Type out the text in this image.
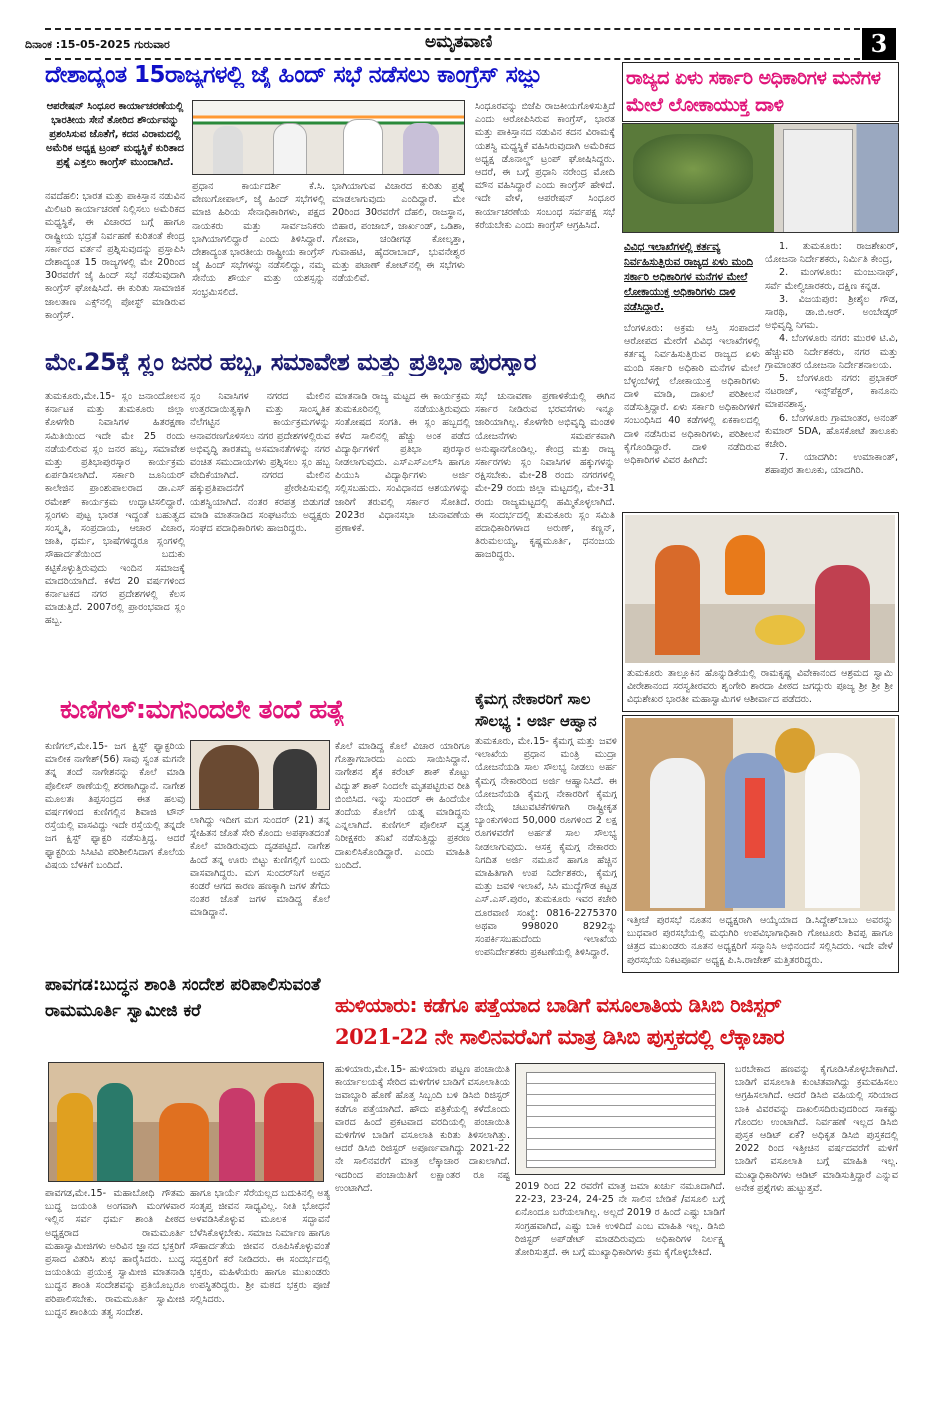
ದಿನಾಂಕ :15-05-2025 ಗುರುವಾರ	ಅಮೃತವಾಣಿ	3
ದೇಶಾದ್ಯಂತ 15ರಾಜ್ಯಗಳಲ್ಲಿ ಜೈ ಹಿಂದ್ ಸಭೆ ನಡೆಸಲು ಕಾಂಗ್ರೆಸ್ ಸಜ್ಜು
ಆಪರೇಷನ್ ಸಿಂಧೂರ ಕಾರ್ಯಾಚರಣೆಯಲ್ಲಿ ಭಾರತೀಯ ಸೇನೆ ತೋರಿದ ಶೌರ್ಯವನ್ನು ಪ್ರಶಂಸಿಸುವ ಜೊತೆಗೆ, ಕದನ ವಿರಾಮದಲ್ಲಿ ಅಮೆರಿಕ ಅಧ್ಯಕ್ಷ ಟ್ರಂಪ್ ಮಧ್ಯಸ್ಥಿಕೆ ಕುರಿತಾದ ಪ್ರಶ್ನೆ ಎತ್ತಲು ಕಾಂಗ್ರೆಸ್ ಮುಂದಾಗಿದೆ.
ನವದೆಹಲಿ: ಭಾರತ ಮತ್ತು ಪಾಕಿಸ್ತಾನ ನಡುವಿನ ಮಿಲಿಟರಿ ಕಾರ್ಯಾಚರಣೆ ನಿಲ್ಲಿಸಲು ಅಮೆರಿಕದ ಮಧ್ಯಸ್ಥಿಕೆ, ಈ ವಿಚಾರದ ಬಗ್ಗೆ ಹಾಗೂ ರಾಷ್ಟ್ರೀಯ ಭದ್ರತೆ ನಿರ್ವಹಣೆ ಕುರಿತಂತೆ ಕೇಂದ್ರ ಸರ್ಕಾರದ ವರ್ತನೆ ಪ್ರಶ್ನಿಸುವುದನ್ನು ಪ್ರಸ್ತಾಪಿಸಿ ದೇಶಾದ್ಯಂತ 15 ರಾಜ್ಯಗಳಲ್ಲಿ ಮೇ 20ರಿಂದ 30ರವರೆಗೆ ಜೈ ಹಿಂದ್ ಸಭೆ ನಡೆಸುವುದಾಗಿ ಕಾಂಗ್ರೆಸ್ ಘೋಷಿಸಿದೆ. ಈ ಕುರಿತು ಸಾಮಾಜಿಕ ಜಾಲತಾಣ ಎಕ್ಸ್‌ನಲ್ಲಿ ಪೋಸ್ಟ್ ಮಾಡಿರುವ ಕಾಂಗ್ರೆಸ್.
ಪ್ರಧಾನ ಕಾರ್ಯದರ್ಶಿ ಕೆ.ಸಿ. ವೇಣುಗೋಪಾಲ್, ಜೈ ಹಿಂದ್ ಸಭೆಗಳಲ್ಲಿ ಮಾಜಿ ಹಿರಿಯ ಸೇನಾಧಿಕಾರಿಗಳು, ಪಕ್ಷದ ನಾಯಕರು ಮತ್ತು ಸಾರ್ವಜನಿಕರು ಭಾಗಿಯಾಗಲಿದ್ದಾರೆ ಎಂದು ತಿಳಿಸಿದ್ದಾರೆ. ದೇಶಾದ್ಯಂತ ಭಾರತೀಯ ರಾಷ್ಟ್ರೀಯ ಕಾಂಗ್ರೆಸ್ ಜೈ ಹಿಂದ್ ಸಭೆಗಳನ್ನು ನಡೆಸಲಿದ್ದು, ನಮ್ಮ ಸೇನೆಯ ಶೌರ್ಯ ಮತ್ತು ಯಶಸ್ಸನ್ನು ಸಂಭ್ರಮಿಸಲಿದೆ.
ಭಾಗಿಯಾಗುವ ವಿಚಾರದ ಕುರಿತು ಪ್ರಶ್ನೆ ಮಾಡಲಾಗುವುದು ಎಂದಿದ್ದಾರೆ. ಮೇ 20ರಿಂದ 30ರವರೆಗೆ ದೆಹಲಿ, ರಾಜಸ್ಥಾನ, ಬಿಹಾರ, ಪಂಜಾಬ್, ಜಾರ್ಖಂಡ್, ಒಡಿಶಾ, ಗೋವಾ, ಚಂಡೀಗಢ ಕೋಲ್ಕತ್ತಾ, ಗುವಾಹಟಿ, ಹೈದರಾಬಾದ್, ಭುವನೇಶ್ವರ ಮತ್ತು ಪಟಾಣ್ ಕೋಟ್‌ನಲ್ಲಿ ಈ ಸಭೆಗಳು ನಡೆಯಲಿವೆ.
ಸಿಂಧೂರವನ್ನು ಬಿಜೆಪಿ ರಾಜಕೀಯಗೊಳಿಸುತ್ತಿದೆ ಎಂದು ಆರೋಪಿಸಿರುವ ಕಾಂಗ್ರೆಸ್, ಭಾರತ ಮತ್ತು ಪಾಕಿಸ್ತಾನದ ನಡುವಿನ ಕದನ ವಿರಾಮಕ್ಕೆ ಯಶಸ್ವಿ ಮಧ್ಯಸ್ಥಿಕೆ ವಹಿಸಿರುವುದಾಗಿ ಅಮೆರಿಕದ ಅಧ್ಯಕ್ಷ ಡೊನಾಲ್ಡ್ ಟ್ರಂಪ್ ಘೋಷಿಸಿದ್ದರು. ಆದರೆ, ಈ ಬಗ್ಗೆ ಪ್ರಧಾನಿ ನರೇಂದ್ರ ಮೋದಿ ಮೌನ ವಹಿಸಿದ್ದಾರೆ ಎಂದು ಕಾಂಗ್ರೆಸ್ ಹೇಳಿದೆ. ಇದೇ ವೇಳೆ, ಆಪರೇಷನ್ ಸಿಂಧೂರ ಕಾರ್ಯಾಚರಣೆಯ ಸಂಬಂಧ ಸರ್ವಪಕ್ಷ ಸಭೆ ಕರೆಯಬೇಕು ಎಂದು ಕಾಂಗ್ರೆಸ್ ಆಗ್ರಹಿಸಿದೆ.
ರಾಜ್ಯದ ಏಳು ಸರ್ಕಾರಿ ಅಧಿಕಾರಿಗಳ ಮನೆಗಳ ಮೇಲೆ ಲೋಕಾಯುಕ್ತ ದಾಳಿ
ವಿವಿಧ ಇಲಾಖೆಗಳಲ್ಲಿ ಕರ್ತವ್ಯ ನಿರ್ವಹಿಸುತ್ತಿರುವ ರಾಜ್ಯದ ಏಳು ಮಂದಿ ಸರ್ಕಾರಿ ಅಧಿಕಾರಿಗಳ ಮನೆಗಳ ಮೇಲೆ ಲೋಕಾಯುಕ್ತ ಅಧಿಕಾರಿಗಳು ದಾಳಿ ನಡೆಸಿದ್ದಾರೆ.
ಬೆಂಗಳೂರು: ಅಕ್ರಮ ಆಸ್ತಿ ಸಂಪಾದನೆ ಆರೋಪದ ಮೇರೆಗೆ ವಿವಿಧ ಇಲಾಖೆಗಳಲ್ಲಿ ಕರ್ತವ್ಯ ನಿರ್ವಹಿಸುತ್ತಿರುವ ರಾಜ್ಯದ ಏಳು ಮಂದಿ ಸರ್ಕಾರಿ ಅಧಿಕಾರಿ ಮನೆಗಳ ಮೇಲೆ ಬೆಳ್ಳಂಬೆಳಗ್ಗೆ ಲೋಕಾಯುಕ್ತ ಅಧಿಕಾರಿಗಳು ದಾಳಿ ಮಾಡಿ, ದಾಖಲೆ ಪರಿಶೀಲನೆ ನಡೆಸುತ್ತಿದ್ದಾರೆ. ಏಳು ಸರ್ಕಾರಿ ಅಧಿಕಾರಿಗಳಿಗೆ ಸಂಬಂಧಿಸಿದ 40 ಕಡೆಗಳಲ್ಲಿ ಏಕಕಾಲದಲ್ಲಿ ದಾಳಿ ನಡೆಸಿರುವ ಅಧಿಕಾರಿಗಳು, ಪರಿಶೀಲನೆ ಕೈಗೊಂಡಿದ್ದಾರೆ. ದಾಳಿ ನಡೆದಿರುವ ಅಧಿಕಾರಿಗಳ ವಿವರ ಹೀಗಿದೆ:

1. ತುಮಕೂರು: ರಾಜಶೇಖರ್, ಯೋಜನಾ ನಿರ್ದೇಶಕರು, ನಿರ್ಮಿತಿ ಕೇಂದ್ರ,

2. ಮಂಗಳೂರು: ಮಂಜುನಾಥ್, ಸರ್ವೆ ಮೇಲ್ವಿಚಾರಕರು, ದಕ್ಷಿಣ ಕನ್ನಡ.

3. ವಿಜಯಪುರ: ಶ್ರೀಶೈಲ ಗೌಡ, ಸಾರಥಿ, ಡಾ.ಬಿ.ಆರ್. ಅಂಬೇಡ್ಕರ್ ಅಭಿವೃದ್ಧಿ ನಿಗಮ.

4. ಬೆಂಗಳೂರು ನಗರ: ಮುರಳಿ ಟಿ.ವಿ, ಹೆಚ್ಚುವರಿ ನಿರ್ದೇಶಕರು, ನಗರ ಮತ್ತು ಗ್ರಾಮಾಂತರ ಯೋಜನಾ ನಿರ್ದೇಶನಾಲಯ.

5. ಬೆಂಗಳೂರು ನಗರ: ಪ್ರಭಾಕರ್ ನಟರಾಜ್, ಇನ್ಸ್‌ಪೆಕ್ಟರ್, ಕಾನೂನು ಮಾಪನಶಾಸ್ತ್ರ.

6. ಬೆಂಗಳೂರು ಗ್ರಾಮಾಂತರ, ಅನಂತ್ ಕುಮಾರ್ SDA, ಹೊಸಕೋಟೆ ತಾಲೂಕು ಕಚೇರಿ.

7. ಯಾದಗಿರಿ: ಉಮಾಕಾಂತ್, ಶಹಾಪುರ ತಾಲೂಕು, ಯಾದಗಿರಿ.

ಮೇ.25ಕ್ಕೆ ಸ್ಲಂ ಜನರ ಹಬ್ಬ, ಸಮಾವೇಶ ಮತ್ತು ಪ್ರತಿಭಾ ಪುರಸ್ಕಾರ
ತುಮಕೂರು,ಮೇ.15- ಸ್ಲಂ ಜನಾಂದೋಲನ ಕರ್ನಾಟಕ ಮತ್ತು ತುಮಕೂರು ಜಿಲ್ಲಾ ಕೊಳಗೇರಿ ನಿವಾಸಿಗಳ ಹಿತರಕ್ಷಣಾ ಸಮಿತಿಯಿಂದ ಇದೇ ಮೇ 25 ರಂದು ನಡೆಯಲಿರುವ ಸ್ಲಂ ಜನರ ಹಬ್ಬ, ಸಮಾವೇಶ ಮತ್ತು ಪ್ರತಿಭಾಪುರಸ್ಕಾರ ಕಾರ್ಯಕ್ರಮ ಏರ್ಪಡಿಸಲಾಗಿದೆ. ಸರ್ಕಾರಿ ಜೂನಿಯರ್ ಕಾಲೇಜಿನ ಪ್ರಾಂಶುಪಾಲರಾದ ಡಾ.ಎಸ್ ರಮೇಶ್ ಕಾರ್ಯಕ್ರಮ ಉದ್ಘಾಟಿಸಲಿದ್ದಾರೆ. ಸ್ಲಂಗಳು ಪುಟ್ಟ ಭಾರತ ಇದ್ದಂತೆ ಬಹುತ್ವದ ಸಂಸ್ಕೃತಿ, ಸಂಪ್ರದಾಯ, ಆಚಾರ ವಿಚಾರ, ಜಾತಿ, ಧರ್ಮ, ಭಾಷೆಗಳಿದ್ದರೂ ಸ್ಲಂಗಳಲ್ಲಿ ಸೌಹಾರ್ದತೆಯಿಂದ ಬದುಕು ಕಟ್ಟಿಕೊಳ್ಳುತ್ತಿರುವುದು ಇಂದಿನ ಸಮಾಜಕ್ಕೆ ಮಾದರಿಯಾಗಿದೆ. ಕಳೆದ 20 ವರ್ಷಗಳಿಂದ ಕರ್ನಾಟಕದ ನಗರ ಪ್ರದೇಶಗಳಲ್ಲಿ ಕೆಲಸ ಮಾಡುತ್ತಿದೆ. 2007ರಲ್ಲಿ ಪ್ರಾರಂಭವಾದ ಸ್ಲಂ ಹಬ್ಬ.
ಸ್ಲಂ ನಿವಾಸಿಗಳ ನಗರದ ಮೇಲಿನ ಉತ್ತರದಾಯಿತ್ವಕ್ಕಾಗಿ ಮತ್ತು ಸಾಂಸ್ಕೃತಿಕ ನೆಲೆಗಟ್ಟಿನ ಕಾರ್ಯಕ್ರಮಗಳನ್ನು ಆನಾವರಣಗೊಳಿಸಲು ನಗರ ಪ್ರದೇಶಗಳಲ್ಲಿರುವ ಅಭಿವೃದ್ಧಿ ತಾರತಮ್ಯ ಅಸಮಾನತೆಗಳನ್ನು ನಗರ ವಂಚಿತ ಸಮುದಾಯಗಳು ಪ್ರಶ್ನಿಸಲು ಸ್ಲಂ ಹಬ್ಬ ವೇದಿಕೆಯಾಗಿದೆ. ನಗರದ ಮೇಲಿನ ಹಕ್ಕುಪ್ರತಿಪಾದನೆಗೆ ಪ್ರೇರೇಪಿಸುವಲ್ಲಿ ಯಶಸ್ವಿಯಾಗಿದೆ. ನಂತರ ಕರಪತ್ರ ಬಿಡುಗಡೆ ಮಾಡಿ ಮಾತನಾಡಿದ ಸಂಘಟನೆಯ ಅಧ್ಯಕ್ಷರು ಸಂಘದ ಪದಾಧಿಕಾರಿಗಳು ಹಾಜರಿದ್ದರು.
ಮಾತನಾಡಿ ರಾಜ್ಯ ಮಟ್ಟದ ಈ ಕಾರ್ಯಕ್ರಮ ತುಮಕೂರಿನಲ್ಲಿ ನಡೆಯುತ್ತಿರುವುದು ಸಂತೋಷದ ಸಂಗತಿ. ಈ ಸ್ಲಂ ಹಬ್ಬದಲ್ಲಿ ಕಳೆದ ಸಾಲಿನಲ್ಲಿ ಹೆಚ್ಚು ಅಂಕ ಪಡೆದ ವಿದ್ಯಾರ್ಥಿಗಳಿಗೆ ಪ್ರತಿಭಾ ಪುರಸ್ಕಾರ ನೀಡಲಾಗುವುದು. ಎಸ್‌ಎಸ್‌ಎಲ್‌ಸಿ ಹಾಗೂ ಪಿಯುಸಿ ವಿದ್ಯಾರ್ಥಿಗಳು ಅರ್ಜಿ ಸಲ್ಲಿಸಬಹುದು. ಸಂವಿಧಾನದ ಆಶಯಗಳನ್ನು ಜಾರಿಗೆ ತರುವಲ್ಲಿ ಸರ್ಕಾರ ಸೋತಿದೆ. 2023ರ ವಿಧಾನಸಭಾ ಚುನಾವಣೆಯ ಪ್ರಣಾಳಿಕೆ.
ಸಭೆ ಚುನಾವಣಾ ಪ್ರಣಾಳಿಕೆಯಲ್ಲಿ ಈಗಿನ ಸರ್ಕಾರ ನೀಡಿರುವ ಭರವಸೆಗಳು ಇನ್ನೂ ಜಾರಿಯಾಗಿಲ್ಲ. ಕೊಳಗೇರಿ ಅಭಿವೃದ್ಧಿ ಮಂಡಳಿ ಯೋಜನೆಗಳು ಸಮರ್ಪಕವಾಗಿ ಅನುಷ್ಠಾನಗೊಂಡಿಲ್ಲ. ಕೇಂದ್ರ ಮತ್ತು ರಾಜ್ಯ ಸರ್ಕಾರಗಳು ಸ್ಲಂ ನಿವಾಸಿಗಳ ಹಕ್ಕುಗಳನ್ನು ರಕ್ಷಿಸಬೇಕು. ಮೇ-28 ರಂದು ನಗರಗಳಲ್ಲಿ ಮೇ-29 ರಂದು ಜಿಲ್ಲಾ ಮಟ್ಟದಲ್ಲಿ, ಮೇ-31 ರಂದು ರಾಜ್ಯಮಟ್ಟದಲ್ಲಿ ಹಮ್ಮಿಕೊಳ್ಳಲಾಗಿದೆ. ಈ ಸಂದರ್ಭದಲ್ಲಿ ತುಮಕೂರು ಸ್ಲಂ ಸಮಿತಿ ಪದಾಧಿಕಾರಿಗಳಾದ ಅರುಣ್, ಕಣ್ಣನ್, ತಿರುಮಲಯ್ಯ, ಕೃಷ್ಣಮೂರ್ತಿ, ಧನಂಜಯ ಹಾಜರಿದ್ದರು.
ತುಮಕೂರು ತಾಲ್ಲೂಕಿನ ಹೊನ್ನುಡಿಕೆಯಲ್ಲಿ ರಾಮಕೃಷ್ಣ ವಿವೇಕಾನಂದ ಆಶ್ರಮದ ಸ್ವಾಮಿ ವೀರೇಶಾನಂದ ಸರಸ್ವತೀರವರು ಶೃಂಗೇರಿ ಶಾರದಾ ಪೀಠದ ಜಗದ್ಗುರು ಪೂಜ್ಯ ಶ್ರೀ ಶ್ರೀ ಶ್ರೀ ವಿಧುಶೇಖರ ಭಾರತೀ ಮಹಾಸ್ವಾಮಿಗಳ ಆಶೀರ್ವಾದ ಪಡೆದರು.
ಕುಣಿಗಲ್:ಮಗನಿಂದಲೇ ತಂದೆ ಹತ್ಯೆ
ಕುಣಿಗಲ್,ಮೇ.15- ಜಗ ಕ್ಷಿಸ್ಟ್ ಫ್ಯಾಕ್ಟರಿಯ ಮಾಲೀಕ ನಾಗೇಶ್(56) ಸಾವು ಸ್ವಂತ ಮಗನೇ ತನ್ನ ತಂದೆ ನಾಗೇಶನನ್ನು ಕೊಲೆ ಮಾಡಿ ಪೊಲೀಸ್ ಠಾಣೆಯಲ್ಲಿ ಶರಣಾಗಿದ್ದಾನೆ. ನಾಗೇಶ ಮೂಲತಃ ತಿಪ್ಪಸಂದ್ರದ ಈತ ಹಲವು ವರ್ಷಗಳಿಂದ ಕುಣಿಗಲ್ಲಿನ ಶಿವಾಜಿ ಟೌನ್ ರಸ್ತೆಯಲ್ಲಿ ವಾಸವಿದ್ದು ಇದೇ ರಸ್ತೆಯಲ್ಲಿ ತನ್ನದೇ ಜಗ ಕ್ಷಿಸ್ಟ್ ಫ್ಯಾಕ್ಟರಿ ನಡೆಸುತ್ತಿದ್ದ. ಆದರೆ ಫ್ಯಾಕ್ಟರಿಯ ಸಿಸಿಟಿವಿ ಪರಿಶೀಲಿಸಿದಾಗ ಕೊಲೆಯ ವಿಷಯ ಬೆಳಕಿಗೆ ಬಂದಿದೆ.
ಲಾಗಿದ್ದು ಇದೀಗ ಮಗ ಸುಂದರ್ (21) ತನ್ನ ಸ್ನೇಹಿತನ ಜೊತೆ ಸೇರಿ ಕೊಂದು ಅಪಘಾತದಂತೆ ಕೊಲೆ ಮಾಡಿರುವುದು ದೃಡಪಟ್ಟಿದೆ. ನಾಗೇಶ ಹಿಂದೆ ತನ್ನ ಊರು ಬಿಟ್ಟು ಕುಣಿಗಲ್ಲಿಗೆ ಬಂದು ವಾಸವಾಗಿದ್ದರು. ಮಗ ಸುಂದರ್‌ನಿಗೆ ಅಪ್ಪನ ಕಂಡರೆ ಆಗದ ಕಾರಣ ಹಣಕ್ಕಾಗಿ ಜಗಳ ತೆಗೆದು ನಂತರ ಜೊತೆ ಜಗಳ ಮಾಡಿದ್ದ ಕೊಲೆ ಮಾಡಿದ್ದಾನೆ.
ಕೊಲೆ ಮಾಡಿದ್ದ ಕೊಲೆ ವಿಚಾರ ಯಾರಿಗೂ ಗೊತ್ತಾಗಬಾರದು ಎಂದು ಸಾಯಿಸಿದ್ದಾನೆ. ನಾಗೇಶನ ಶೈಕ ಕರೆಂಟ್ ಶಾಕ್ ಕೊಟ್ಟು ವಿದ್ಯುತ್ ಶಾಕ್ ನಿಂದಲೇ ಮೃತಪಟ್ಟಿರುವ ರೀತಿ ಬಿಂಬಿಸಿದ. ಇನ್ನು ಸುಂದರ್ ಈ ಹಿಂದೆಯೇ ತಂದೆಯ ಕೊಲೆಗೆ ಯತ್ನ ಮಾಡಿದ್ದನು ಎನ್ನಲಾಗಿದೆ. ಕುಣಿಗಲ್ ಪೊಲೀಸ್ ವೃತ್ತ ನಿರೀಕ್ಷಕರು ತನಿಖೆ ನಡೆಸುತ್ತಿದ್ದು ಪ್ರಕರಣ ದಾಖಲಿಸಿಕೊಂಡಿದ್ದಾರೆ. ಎಂದು ಮಾಹಿತಿ ಬಂದಿದೆ.
ಕೈಮಗ್ಗ ನೇಕಾರರಿಗೆ ಸಾಲ ಸೌಲಭ್ಯ : ಅರ್ಜಿ ಆಹ್ವಾನ
ತುಮಕೂರು, ಮೇ.15- ಕೈಮಗ್ಗ ಮತ್ತು ಜವಳಿ ಇಲಾಖೆಯ ಪ್ರಧಾನ ಮಂತ್ರಿ ಮುದ್ರಾ ಯೋಜನೆಯಡಿ ಸಾಲ ಸೌಲಭ್ಯ ನೀಡಲು ಅರ್ಹ ಕೈಮಗ್ಗ ನೇಕಾರರಿಂದ ಅರ್ಜಿ ಆಹ್ವಾನಿಸಿದೆ. ಈ ಯೋಜನೆಯಡಿ ಕೈಮಗ್ಗ ನೇಕಾರರಿಗೆ ಕೈಮಗ್ಗ ನೇಯ್ಗೆ ಚಟುವಟಿಕೆಗಳಿಗಾಗಿ ರಾಷ್ಟ್ರೀಕೃತ ಬ್ಯಾಂಕುಗಳಿಂದ 50,000 ರೂಗಳಿಂದ 2 ಲಕ್ಷ ರೂಗಳವರೆಗೆ ಅರ್ಹತೆ ಸಾಲ ಸೌಲಭ್ಯ ನೀಡಲಾಗುವುದು. ಆಸಕ್ತ ಕೈಮಗ್ಗ ನೇಕಾರರು ನಿಗದಿತ ಅರ್ಜಿ ನಮೂನೆ ಹಾಗೂ ಹೆಚ್ಚಿನ ಮಾಹಿತಿಗಾಗಿ ಉಪ ನಿರ್ದೇಶಕರು, ಕೈಮಗ್ಗ ಮತ್ತು ಜವಳಿ ಇಲಾಖೆ, ಸಿಸಿ ಮುದ್ದೆಗೌಡ ಕಟ್ಟಡ ಎಸ್.ಎಸ್.ಪುರಂ, ತುಮಕೂರು ಇವರ ಕಚೇರಿ ದೂರವಾಣಿ ಸಂಖ್ಯೆ: 0816-2275370 ಅಥವಾ 998020 8292ನ್ನು ಸಂಪರ್ಕಿಸಬಹುದೆಂದು ಇಲಾಖೆಯ ಉಪನಿರ್ದೇಶಕರು ಪ್ರಕಟಣೆಯಲ್ಲಿ ತಿಳಿಸಿದ್ದಾರೆ.
ಇತ್ತೀಚೆ ಪುರಸಭೆ ನೂತನ ಅಧ್ಯಕ್ಷರಾಗಿ ಆಯ್ಕೆಯಾದ ಡಿ.ಸಿದ್ದೇಶ್‌ಬಾಬು ಅವರನ್ನು ಬುಧವಾರ ಪುರಸಭೆಯಲ್ಲಿ ಮಧುಗಿರಿ ಉಪವಿಭಾಗಾಧಿಕಾರಿ ಗೋಟೂರು ಶಿವಪ್ಪ ಹಾಗೂ ಚಿತ್ರದ ಮುಖಂಡರು ನೂತನ ಅಧ್ಯಕ್ಷರಿಗೆ ಸನ್ಮಾನಿಸಿ ಅಭಿನಂದನೆ ಸಲ್ಲಿಸಿದರು. ಇದೇ ವೇಳೆ ಪುರಸಭೆಯ ನಿಕಟಪೂರ್ವ ಅಧ್ಯಕ್ಷ ಪಿ.ಸಿ.ರಾಜೇಶ್ ಮತ್ತಿತರರಿದ್ದರು.
ಪಾವಗಡ:ಬುದ್ಧನ ಶಾಂತಿ ಸಂದೇಶ ಪರಿಪಾಲಿಸುವಂತೆ ರಾಮಮೂರ್ತಿ ಸ್ವಾಮೀಜಿ ಕರೆ
ಪಾವಗಡ,ಮೇ.15- ಮಹಾಬೋಧಿ ಗೌತಮ ಬುದ್ಧ ಜಯಂತಿ ಅಂಗವಾಗಿ ಮಂಗಳವಾರ ಇಲ್ಲಿನ ಸರ್ವ ಧರ್ಮ ಶಾಂತಿ ಪೀಠದ ಅಧ್ಯಕ್ಷರಾದ ರಾಮಮೂರ್ತಿ ಮಹಾಸ್ವಾಮೀಜಿಗಳು ಅರಿವಿನ ಜ್ಞಾನದ ಭಕ್ತರಿಗೆ ಪ್ರಸಾದ ವಿತರಿಸಿ ಶುಭ ಹಾರೈಸಿದರು. ಬುದ್ಧ ಜಯಂತಿಯ ಪ್ರಯುಕ್ತ ಸ್ವಾಮೀಜಿ ಮಾತನಾಡಿ ಬುದ್ಧನ ಶಾಂತಿ ಸಂದೇಶವನ್ನು ಪ್ರತಿಯೊಬ್ಬರೂ ಪರಿಪಾಲಿಸಬೇಕು. ರಾಮಮೂರ್ತಿ ಸ್ವಾಮೀಜಿ ಬುದ್ಧನ ಶಾಂತಿಯ ತತ್ವ ಸಂದೇಶ.
ಹಾಗೂ ಭಾರ್ಯೆ ಸೆರೆಯಲ್ಲದ ಬದುಕಿನಲ್ಲಿ ಅತ್ಯ ಸಂತೃಪ್ತ ಜೀವನ ಸಾಧ್ಯವಿಲ್ಲ. ನೀತಿ ಭೋಧನೆ ಅಳವಡಿಸಿಕೊಳ್ಳುವ ಮೂಲಕ ಸದ್ಭಾವನೆ ಬೆಳೆಸಿಕೊಳ್ಳಬೇಕು. ಸಮಾಜ ನಿರ್ಮಾಣ ಹಾಗೂ ಸೌಹಾರ್ದತೆಯ ಜೀವನ ರೂಪಿಸಿಕೊಳ್ಳುವಂತೆ ಸದ್ಭಕ್ತರಿಗೆ ಕರೆ ನೀಡಿದರು. ಈ ಸಂದರ್ಭದಲ್ಲಿ ಭಕ್ತರು, ಮಹಿಳೆಯರು ಹಾಗೂ ಮುಖಂಡರು ಉಪಸ್ಥಿತರಿದ್ದರು. ಶ್ರೀ ಮಠದ ಭಕ್ತರು ಪೂಜೆ ಸಲ್ಲಿಸಿದರು.
ಹುಳಿಯಾರು: ಕಡೆಗೂ ಪತ್ತೆಯಾದ ಬಾಡಿಗೆ ವಸೂಲಾತಿಯ ಡಿಸಿಬಿ ರಿಜಿಸ್ಟರ್
2021-22 ನೇ ಸಾಲಿನವರೆವಿಗೆ ಮಾತ್ರ ಡಿಸಿಬಿ ಪುಸ್ತಕದಲ್ಲಿ ಲೆಕ್ಕಾಚಾರ
ಹುಳಿಯಾರು,ಮೇ.15- ಹುಳಿಯಾರು ಪಟ್ಟಣ ಪಂಚಾಯಿತಿ ಕಾರ್ಯಾಲಯಕ್ಕೆ ಸೇರಿದ ಮಳಿಗೆಗಳ ಬಾಡಿಗೆ ವಸೂಲಾತಿಯ ಜವಾಬ್ದಾರಿ ಹೊಣೆ ಹೊತ್ತ ಸಿಬ್ಬಂದಿ ಬಳಿ ಡಿಸಿಬಿ ರಿಜಿಸ್ಟರ್ ಕಡೆಗೂ ಪತ್ತೆಯಾಗಿದೆ. ಹೌದು ಪತ್ರಿಕೆಯಲ್ಲಿ ಕಳೆದೊಂದು ವಾರದ ಹಿಂದೆ ಪ್ರಕಟವಾದ ವರದಿಯಲ್ಲಿ ಪಂಚಾಯಿತಿ ಮಳಿಗೆಗಳ ಬಾಡಿಗೆ ವಸೂಲಾತಿ ಕುರಿತು ತಿಳಿಸಲಾಗಿತ್ತು. ಆದರೆ ಡಿಸಿಬಿ ರಿಜಿಸ್ಟರ್ ಅಪೂರ್ಣವಾಗಿದ್ದು 2021-22 ನೇ ಸಾಲಿನವರೆಗೆ ಮಾತ್ರ ಲೆಕ್ಕಾಚಾರ ದಾಖಲಾಗಿದೆ. ಇದರಿಂದ ಪಂಚಾಯಿತಿಗೆ ಲಕ್ಷಾಂತರ ರೂ ನಷ್ಟ ಉಂಟಾಗಿದೆ.	2019 ರಿಂದ 22 ರವರೆಗೆ ಮಾತ್ರ ಜಮಾ ಖರ್ಚು ನಮೂದಾಗಿದೆ. 22-23, 23-24, 24-25 ನೇ ಸಾಲಿನ ಬೇಡಿಕೆ /ವಸೂಲಿ ಬಗ್ಗೆ ಏನೊಂದೂ ಬರೆಯಲಾಗಿಲ್ಲ. ಅಲ್ಲದೆ 2019 ರ ಹಿಂದೆ ಎಷ್ಟು ಬಾಡಿಗೆ ಸಂಗ್ರಹವಾಗಿದೆ, ಎಷ್ಟು ಬಾಕಿ ಉಳಿದಿದೆ ಎಂಬ ಮಾಹಿತಿ ಇಲ್ಲ. ಡಿಸಿಬಿ ರಿಜಿಸ್ಟರ್ ಅಪ್‌ಡೇಟ್ ಮಾಡದಿರುವುದು ಅಧಿಕಾರಿಗಳ ನಿರ್ಲಕ್ಷ್ಯ ತೋರಿಸುತ್ತದೆ. ಈ ಬಗ್ಗೆ ಮುಖ್ಯಾಧಿಕಾರಿಗಳು ಕ್ರಮ ಕೈಗೊಳ್ಳಬೇಕಿದೆ.
ಬರಬೇಕಾದ ಹಣವನ್ನು ಕೈಗೂಡಿಸಿಕೊಳ್ಳಬೇಕಾಗಿದೆ. ಬಾಡಿಗೆ ವಸೂಲಾತಿ ಕುಂಟಿತವಾಗಿದ್ದು ಕ್ರಮವಹಿಸಲು ಆಗ್ರಹಿಸಲಾಗಿದೆ. ಆದರೆ ಡಿಸಿಬಿ ವಹಿಯಲ್ಲಿ ಸರಿಯಾದ ಬಾಕಿ ವಿವರವನ್ನು ದಾಖಲಿಸದಿರುವುದರಿಂದ ಸಾಕಷ್ಟು ಗೊಂದಲ ಉಂಟಾಗಿದೆ. ನಿರ್ವಹಣೆ ಇಲ್ಲದ ಡಿಸಿಬಿ ಪುಸ್ತಕ ಆಡಿಟ್ ಏಕೆ? ಅಧಿಕೃತ ಡಿಸಿಬಿ ಪುಸ್ತಕದಲ್ಲಿ 2022 ರಿಂದ ಇತ್ತೀಚಿನ ವರ್ಷದವರೆಗೆ ಮಳಿಗೆ ಬಾಡಿಗೆ ವಸೂಲಾತಿ ಬಗ್ಗೆ ಮಾಹಿತಿ ಇಲ್ಲ. ಮುಖ್ಯಾಧಿಕಾರಿಗಳು ಆಡಿಟ್ ಮಾಡಿಸುತ್ತಿದ್ದಾರೆ ಎನ್ನುವ ಅನೇಕ ಪ್ರಶ್ನೆಗಳು ಹುಟ್ಟುತ್ತವೆ.
